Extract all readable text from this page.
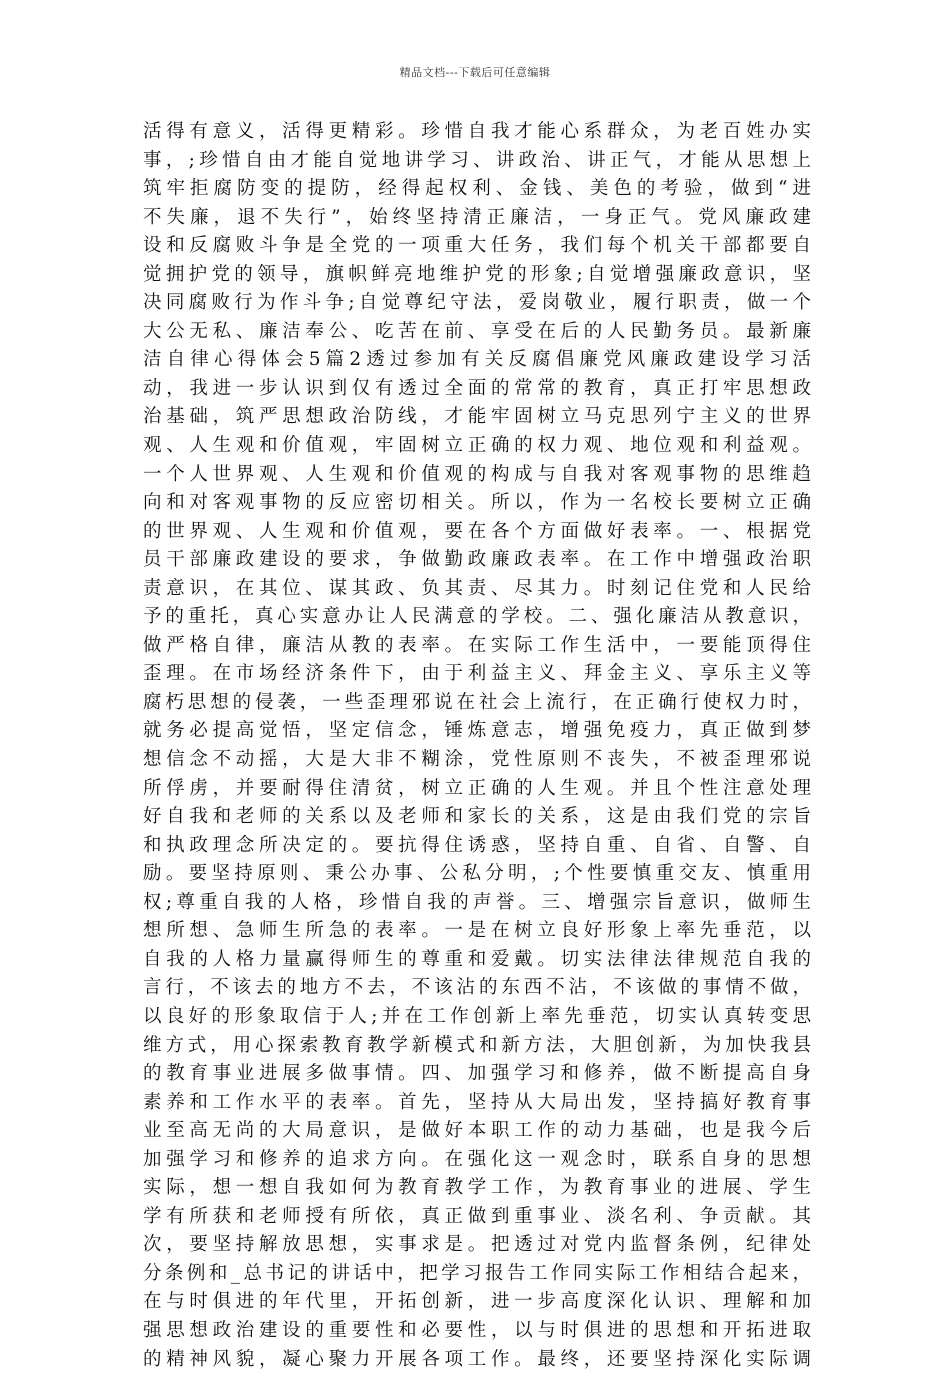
精品文档---下载后可任意编辑
活得有意义，活得更精彩。珍惜自我才能心系群众，为老百姓办实
事，;珍惜自由才能自觉地讲学习、讲政治、讲正气，才能从思想上
筑牢拒腐防变的提防，经得起权利、金钱、美色的考验，做到“进
不失廉，退不失行”，始终坚持清正廉洁，一身正气。党风廉政建
设和反腐败斗争是全党的一项重大任务，我们每个机关干部都要自
觉拥护党的领导，旗帜鲜亮地维护党的形象;自觉增强廉政意识，坚
决同腐败行为作斗争;自觉尊纪守法，爱岗敬业，履行职责，做一个
大公无私、廉洁奉公、吃苦在前、享受在后的人民勤务员。最新廉
洁自律心得体会5篇2透过参加有关反腐倡廉党风廉政建设学习活
动，我进一步认识到仅有透过全面的常常的教育，真正打牢思想政
治基础，筑严思想政治防线，才能牢固树立马克思列宁主义的世界
观、人生观和价值观，牢固树立正确的权力观、地位观和利益观。
一个人世界观、人生观和价值观的构成与自我对客观事物的思维趋
向和对客观事物的反应密切相关。所以，作为一名校长要树立正确
的世界观、人生观和价值观，要在各个方面做好表率。一、根据党
员干部廉政建设的要求，争做勤政廉政表率。在工作中增强政治职
责意识，在其位、谋其政、负其责、尽其力。时刻记住党和人民给
予的重托，真心实意办让人民满意的学校。二、强化廉洁从教意识，
做严格自律，廉洁从教的表率。在实际工作生活中，一要能顶得住
歪理。在市场经济条件下，由于利益主义、拜金主义、享乐主义等
腐朽思想的侵袭，一些歪理邪说在社会上流行，在正确行使权力时，
就务必提高觉悟，坚定信念，锤炼意志，增强免疫力，真正做到梦
想信念不动摇，大是大非不糊涂，党性原则不丧失，不被歪理邪说
所俘虏，并要耐得住清贫，树立正确的人生观。并且个性注意处理
好自我和老师的关系以及老师和家长的关系，这是由我们党的宗旨
和执政理念所决定的。要抗得住诱惑，坚持自重、自省、自警、自
励。要坚持原则、秉公办事、公私分明，;个性要慎重交友、慎重用
权;尊重自我的人格，珍惜自我的声誉。三、增强宗旨意识，做师生
想所想、急师生所急的表率。一是在树立良好形象上率先垂范，以
自我的人格力量赢得师生的尊重和爱戴。切实法律法律规范自我的
言行，不该去的地方不去，不该沾的东西不沾，不该做的事情不做，
以良好的形象取信于人;并在工作创新上率先垂范，切实认真转变思
维方式，用心探索教育教学新模式和新方法，大胆创新，为加快我县
的教育事业进展多做事情。四、加强学习和修养，做不断提高自身
素养和工作水平的表率。首先，坚持从大局出发，坚持搞好教育事
业至高无尚的大局意识，是做好本职工作的动力基础，也是我今后
加强学习和修养的追求方向。在强化这一观念时，联系自身的思想
实际，想一想自我如何为教育教学工作，为教育事业的进展、学生
学有所获和老师授有所依，真正做到重事业、淡名利、争贡献。其
次，要坚持解放思想，实事求是。把透过对党内监督条例，纪律处
分条例和_总书记的讲话中，把学习报告工作同实际工作相结合起来，
在与时俱进的年代里，开拓创新，进一步高度深化认识、理解和加
强思想政治建设的重要性和必要性，以与时俱进的思想和开拓进取
的精神风貌，凝心聚力开展各项工作。最终，还要坚持深化实际调
